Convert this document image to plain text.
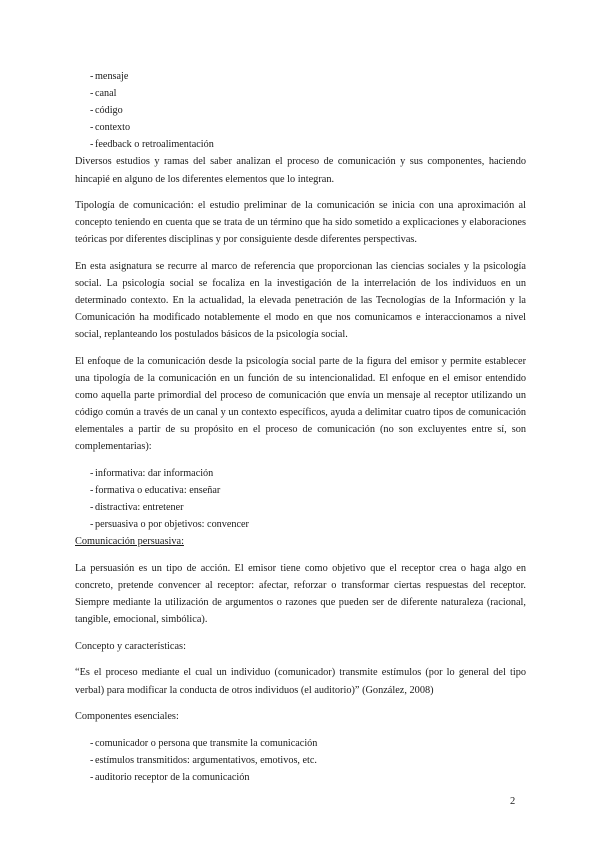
- mensaje
- canal
- código
- contexto
- feedback o retroalimentación

Diversos estudios y ramas del saber analizan el proceso de comunicación y sus componentes, haciendo hincapié en alguno de los diferentes elementos que lo integran.

Tipología de comunicación: el estudio preliminar de la comunicación se inicia con una aproximación al concepto teniendo en cuenta que se trata de un término que ha sido sometido a explicaciones y elaboraciones teóricas por diferentes disciplinas y por consiguiente desde diferentes perspectivas.

En esta asignatura se recurre al marco de referencia que proporcionan las ciencias sociales y la psicología social. La psicología social se focaliza en la investigación de la interrelación de los individuos en un determinado contexto. En la actualidad, la elevada penetración de las Tecnologías de la Información y la Comunicación ha modificado notablemente el modo en que nos comunicamos e interaccionamos a nivel social, replanteando los postulados básicos de la psicología social.

El enfoque de la comunicación desde la psicología social parte de la figura del emisor y permite establecer una tipología de la comunicación en un función de su intencionalidad. El enfoque en el emisor entendido como aquella parte primordial del proceso de comunicación que envía un mensaje al receptor utilizando un código común a través de un canal y un contexto específicos, ayuda a delimitar cuatro tipos de comunicación elementales a partir de su propósito en el proceso de comunicación (no son excluyentes entre sí, son complementarias):

- informativa: dar información
- formativa o educativa: enseñar
- distractiva: entretener
- persuasiva o por objetivos: convencer

Comunicación persuasiva:

La persuasión es un tipo de acción. El emisor tiene como objetivo que el receptor crea o haga algo en concreto, pretende convencer al receptor: afectar, reforzar o transformar ciertas respuestas del receptor. Siempre mediante la utilización de argumentos o razones que pueden ser de diferente naturaleza (racional, tangible, emocional, simbólica).

Concepto y características:

“Es el proceso mediante el cual un individuo (comunicador) transmite estímulos (por lo general del tipo verbal) para modificar la conducta de otros individuos (el auditorio)” (González, 2008)

Componentes esenciales:

- comunicador o persona que transmite la comunicación
- estímulos transmitidos: argumentativos, emotivos, etc.
- auditorio receptor de la comunicación
2
